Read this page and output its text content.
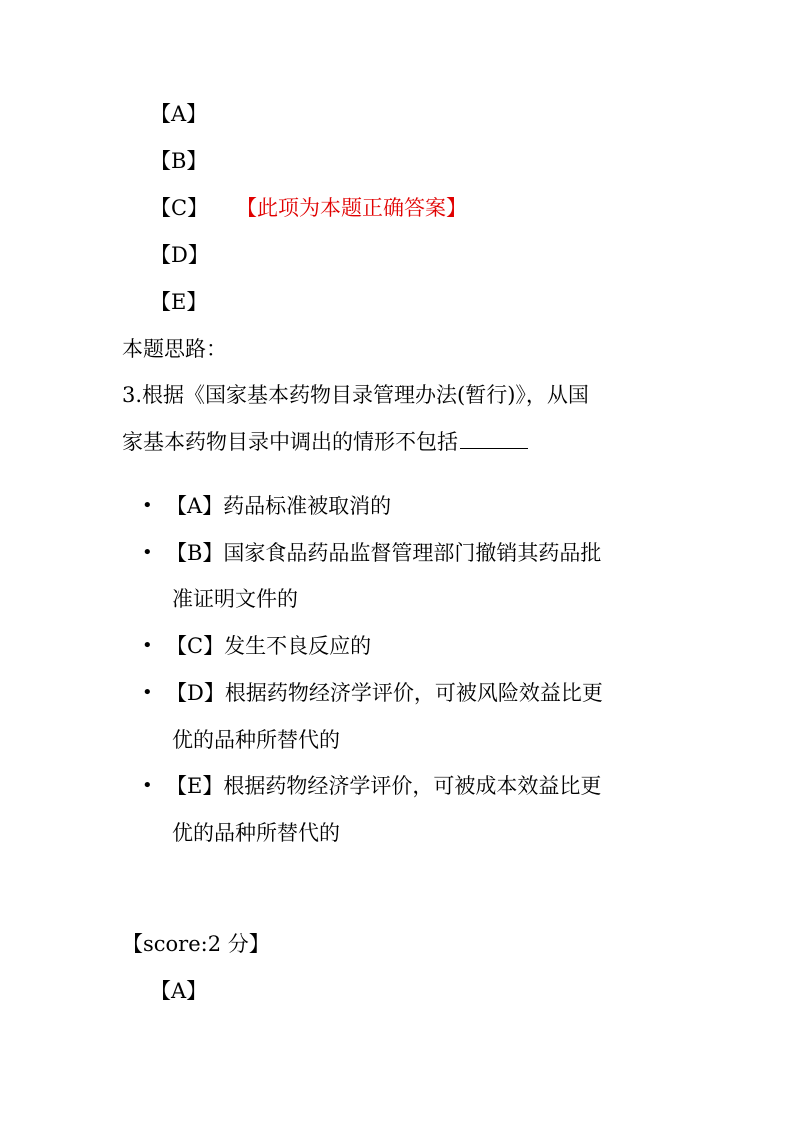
【A】
【B】
【C】 【此项为本题正确答案】
【D】
【E】
本题思路：
3.根据《国家基本药物目录管理办法(暂行)》，从国
家基本药物目录中调出的情形不包括
• 【A】药品标准被取消的
• 【B】国家食品药品监督管理部门撤销其药品批
准证明文件的
• 【C】发生不良反应的
• 【D】根据药物经济学评价，可被风险效益比更
优的品种所替代的
• 【E】根据药物经济学评价，可被成本效益比更
优的品种所替代的
【score:2 分】
【A】
